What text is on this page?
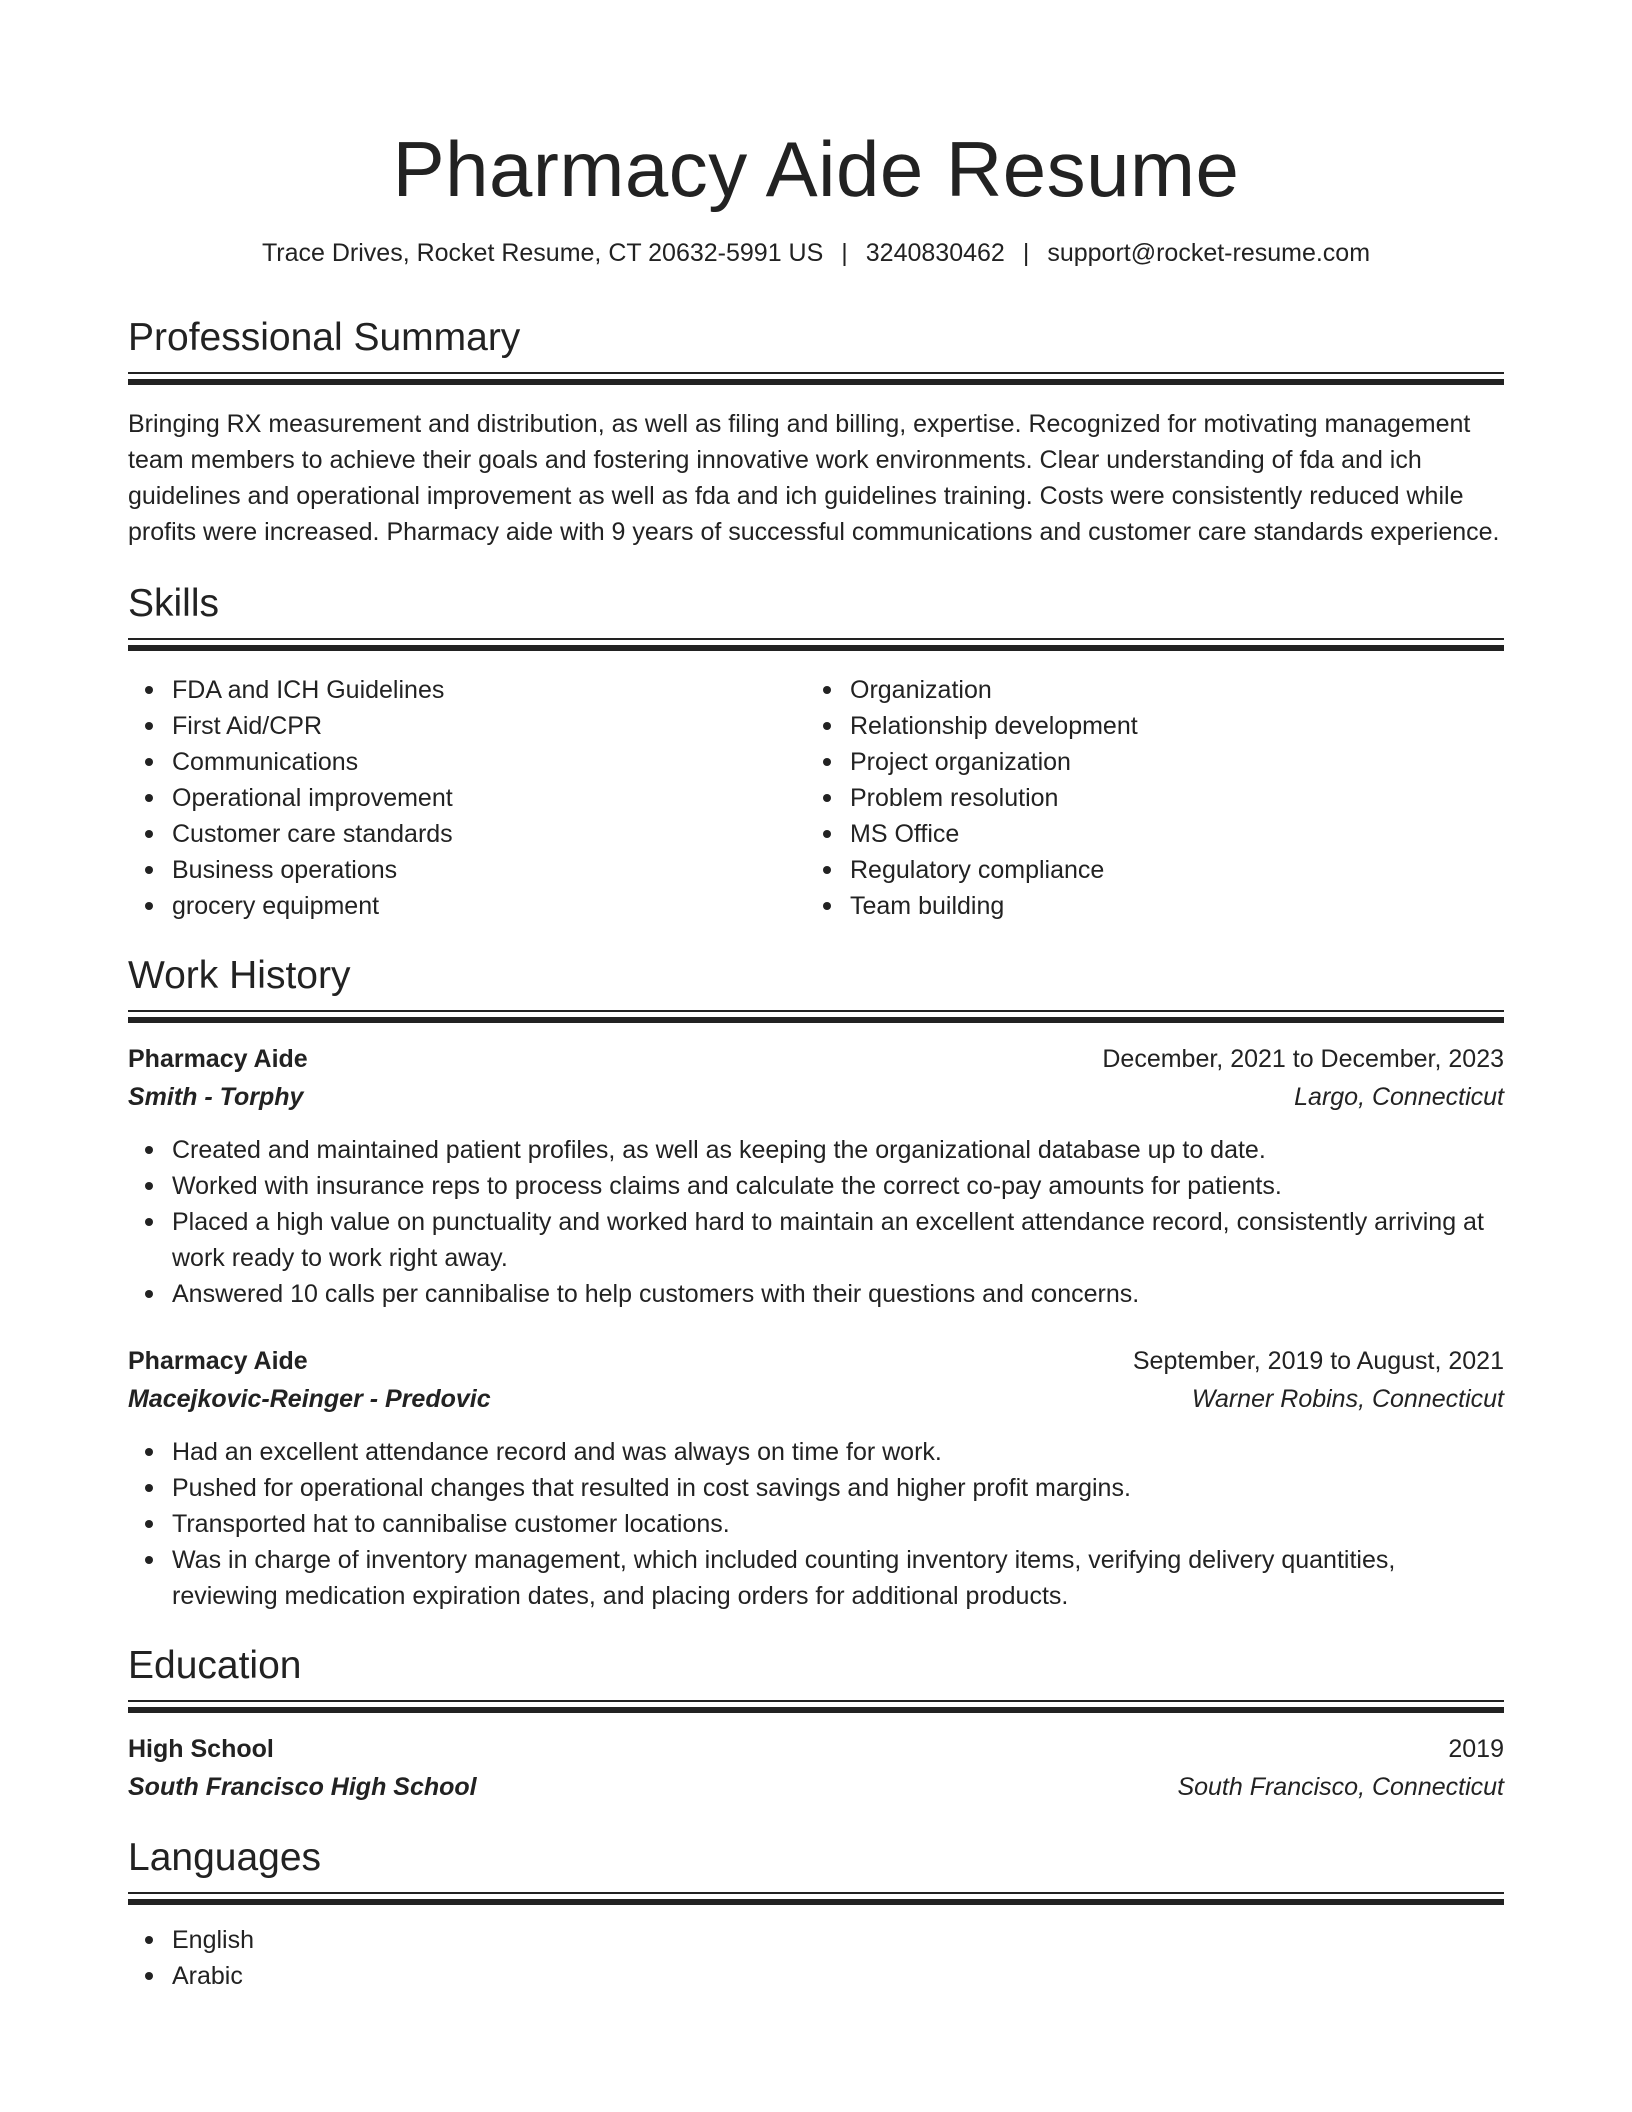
Pharmacy Aide Resume
Trace Drives, Rocket Resume, CT 20632-5991 US | 3240830462 | support@rocket-resume.com
Professional Summary

Bringing RX measurement and distribution, as well as filing and billing, expertise. Recognized for motivating management team members to achieve their goals and fostering innovative work environments. Clear understanding of fda and ich guidelines and operational improvement as well as fda and ich guidelines training. Costs were consistently reduced while profits were increased. Pharmacy aide with 9 years of successful communications and customer care standards experience.

Skills
FDA and ICH Guidelines
First Aid/CPR
Communications
Operational improvement
Customer care standards
Business operations
grocery equipment
Organization
Relationship development
Project organization
Problem resolution
MS Office
Regulatory compliance
Team building
Work History
Pharmacy Aide	December, 2021 to December, 2023
Smith - Torphy	Largo, Connecticut
Created and maintained patient profiles, as well as keeping the organizational database up to date.
Worked with insurance reps to process claims and calculate the correct co-pay amounts for patients.
Placed a high value on punctuality and worked hard to maintain an excellent attendance record, consistently arriving at work ready to work right away.
Answered 10 calls per cannibalise to help customers with their questions and concerns.
Pharmacy Aide	September, 2019 to August, 2021
Macejkovic-Reinger - Predovic	Warner Robins, Connecticut
Had an excellent attendance record and was always on time for work.
Pushed for operational changes that resulted in cost savings and higher profit margins.
Transported hat to cannibalise customer locations.
Was in charge of inventory management, which included counting inventory items, verifying delivery quantities, reviewing medication expiration dates, and placing orders for additional products.
Education
High School	2019
South Francisco High School	South Francisco, Connecticut
Languages
English
Arabic
